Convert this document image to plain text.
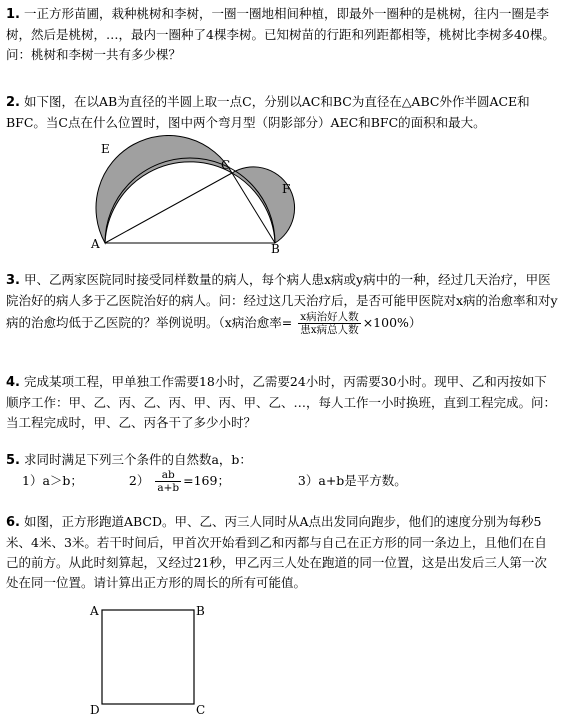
1. 一正方形苗圃，栽种桃树和李树，一圈一圈地相间种植，即最外一圈种的是桃树，往内一圈是李树，然后是桃树，…，最内一圈种了4棵李树。已知树苗的行距和列距都相等，桃树比李树多40棵。问：桃树和李树一共有多少棵？
2. 如下图，在以AB为直径的半圆上取一点C，分别以AC和BC为直径在△ABC外作半圆ACE和BFC。当C点在什么位置时，图中两个弯月型（阴影部分）AEC和BFC的面积和最大。
E
C
F
A	B
3. 甲、乙两家医院同时接受同样数量的病人，每个病人患x病或y病中的一种，经过几天治疗，甲医院治好的病人多于乙医院治好的病人。问：经过这几天治疗后，是否可能甲医院对x病的治愈率和对y病的治愈均低于乙医院的？举例说明。（x病治愈率= $\frac{\text{x病治好人数}}{\text{患x病总人数}} \times 100\%$）
4. 完成某项工程，甲单独工作需要18小时，乙需要24小时，丙需要30小时。现甲、乙和丙按如下顺序工作：甲、乙、丙、乙、丙、甲、丙、甲、乙、…，每人工作一小时换班，直到工程完成。问：当工程完成时，甲、乙、丙各干了多少小时？
5. 求同时满足下列三个条件的自然数a，b：
1）a＞b；	$2) \frac{ab}{a+b} =169$；	3）a+b是平方数。
6. 如图，正方形跑道ABCD。甲、乙、丙三人同时从A点出发同向跑步，他们的速度分别为每秒5米、4米、3米。若干时间后，甲首次开始看到乙和丙都与自己在正方形的同一条边上，且他们在自己的前方。从此时刻算起，又经过21秒，甲乙丙三人处在跑道的同一位置，这是出发后三人第一次处在同一位置。请计算出正方形的周长的所有可能值。
A	B
D	C
